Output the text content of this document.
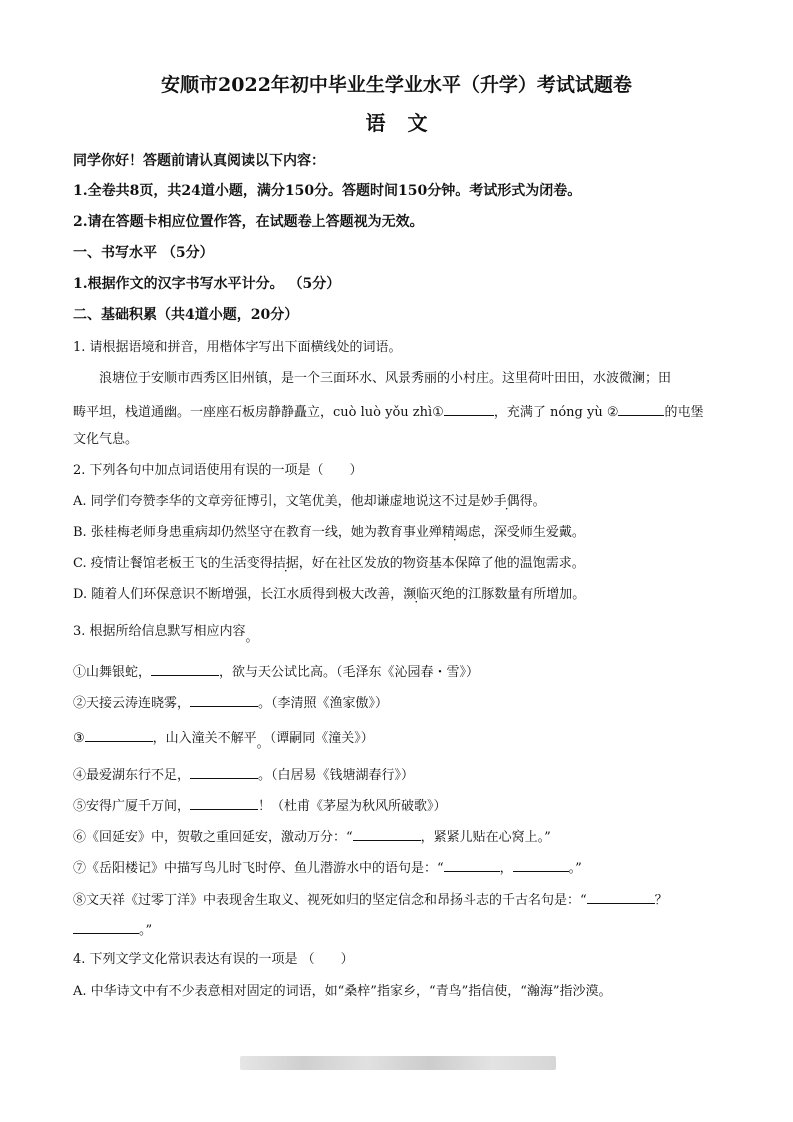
安顺市2022年初中毕业生学业水平（升学）考试试题卷
语文
同学你好！答题前请认真阅读以下内容：
1.全卷共8页，共24道小题，满分150分。答题时间150分钟。考试形式为闭卷。
2.请在答题卡相应位置作答，在试题卷上答题视为无效。
一、书写水平 （5分）
1.根据作文的汉字书写水平计分。 （5分）
二、基础积累（共4道小题，20分）
1. 请根据语境和拼音，用楷体字写出下面横线处的词语。
浪塘位于安顺市西秀区旧州镇，是一个三面环水、风景秀丽的小村庄。这里荷叶田田，水波微澜；田
畴平坦，栈道通幽。一座座石板房静静矗立，cuò luò yǒu zhì①	，充满了 nóng yù ②	的屯堡
文化气息。
2. 下列各句中加点词语使用有误的一项是（　　）
A. 同学们夸赞李华的文章旁征博引，文笔优美，他却谦虚地说这不过是妙手偶得。
B. 张桂梅老师身患重病却仍然坚守在教育一线，她为教育事业殚精竭虑，深受师生爱戴。
C. 疫情让餐馆老板王飞的生活变得拮据，好在社区发放的物资基本保障了他的温饱需求。
D. 随着人们环保意识不断增强，长江水质得到极大改善，濒临灭绝的江豚数量有所增加。
3. 根据所给信息默写相应内容。
①山舞银蛇，	，欲与天公试比高。（毛泽东《沁园春・雪》）
②天接云涛连晓雾，	。（李清照《渔家傲》）
③	，山入潼关不解平。（谭嗣同《潼关》）
④最爱湖东行不足，	。（白居易《钱塘湖春行》）
⑤安得广厦千万间，	！（杜甫《茅屋为秋风所破歌》）
⑥《回延安》中，贺敬之重回延安，激动万分：“	，紧紧儿贴在心窝上。”
⑦《岳阳楼记》中描写鸟儿时飞时停、鱼儿潜游水中的语句是：“	，	。”
⑧文天祥《过零丁洋》中表现舍生取义、视死如归的坚定信念和昂扬斗志的千古名句是：“	？
。”
4. 下列文学文化常识表达有误的一项是 （　　）
A. 中华诗文中有不少表意相对固定的词语，如“桑梓”指家乡，“青鸟”指信使，“瀚海”指沙漠。
